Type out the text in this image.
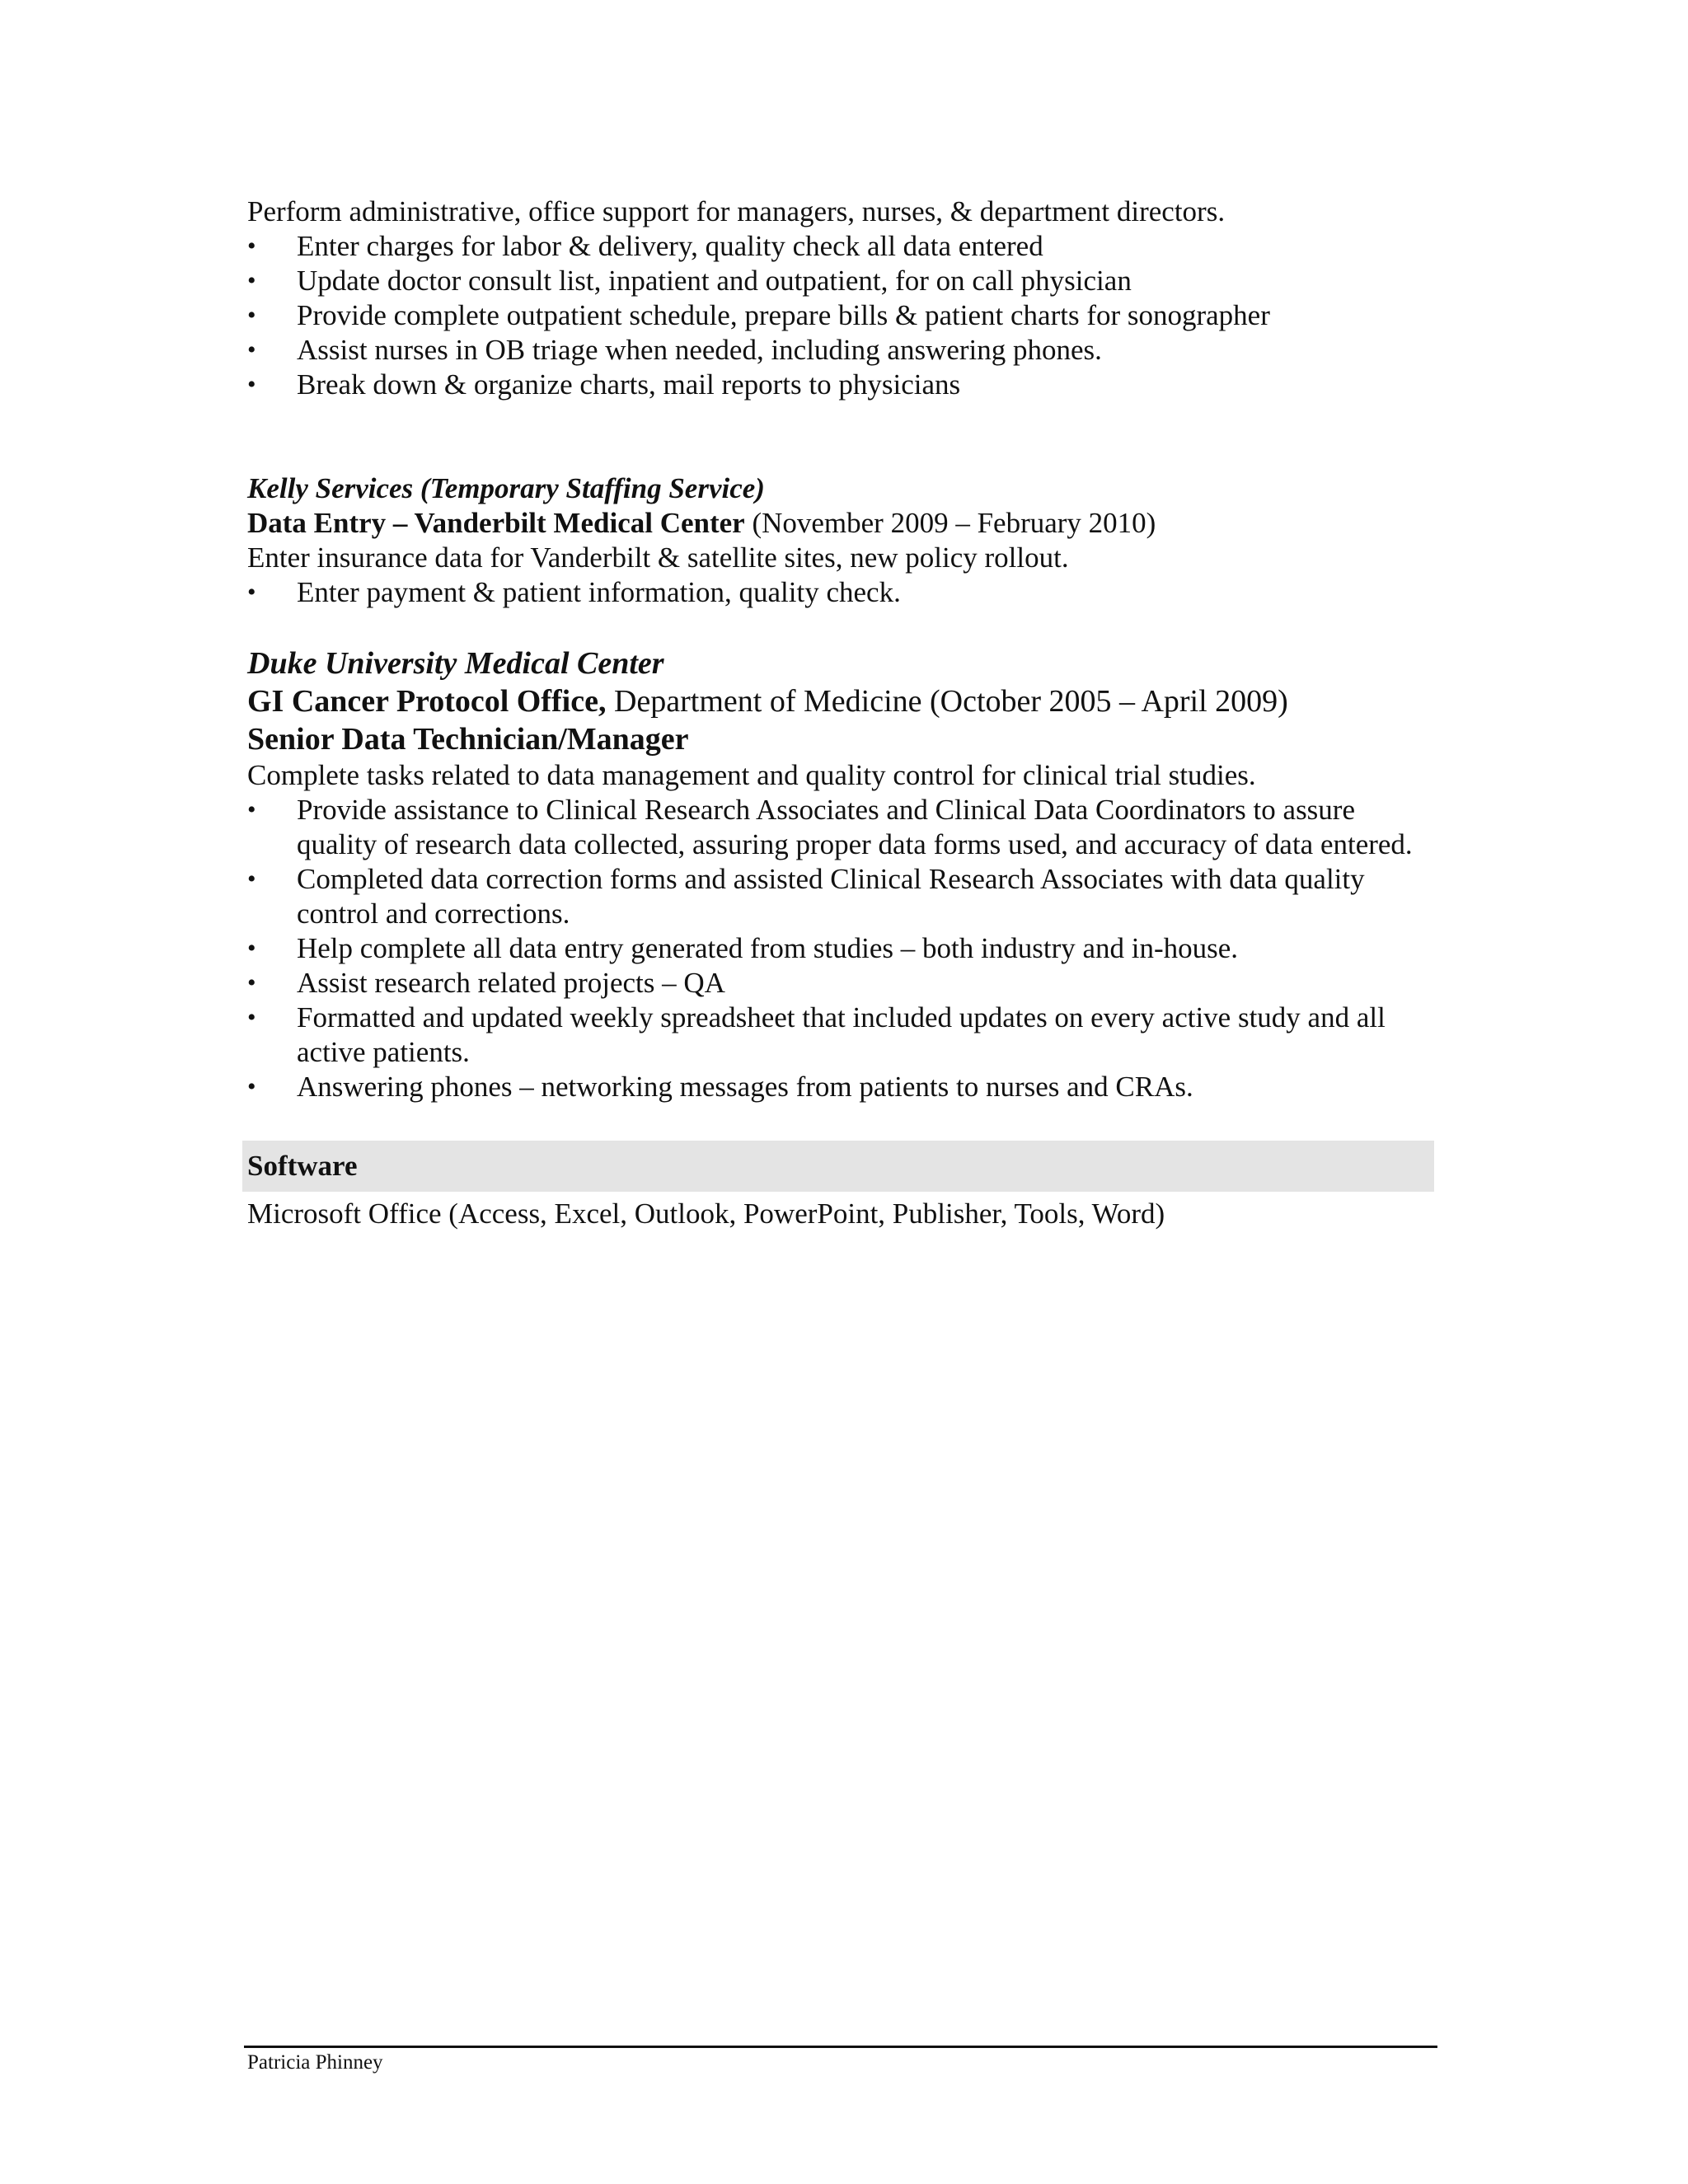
Perform administrative, office support for managers, nurses, & department directors.

• Enter charges for labor & delivery, quality check all data entered
• Update doctor consult list, inpatient and outpatient, for on call physician
• Provide complete outpatient schedule, prepare bills & patient charts for sonographer
• Assist nurses in OB triage when needed, including answering phones.
• Break down & organize charts, mail reports to physicians

Kelly Services (Temporary Staffing Service)

Data Entry – Vanderbilt Medical Center (November 2009 – February 2010)

Enter insurance data for Vanderbilt & satellite sites, new policy rollout.

• Enter payment & patient information, quality check.

Duke University Medical Center

GI Cancer Protocol Office, Department of Medicine (October 2005 – April 2009)

Senior Data Technician/Manager

Complete tasks related to data management and quality control for clinical trial studies.

• Provide assistance to Clinical Research Associates and Clinical Data Coordinators to assure quality of research data collected, assuring proper data forms used, and accuracy of data entered.
• Completed data correction forms and assisted Clinical Research Associates with data quality control and corrections.
• Help complete all data entry generated from studies – both industry and in-house.
• Assist research related projects – QA
• Formatted and updated weekly spreadsheet that included updates on every active study and all active patients.
• Answering phones – networking messages from patients to nurses and CRAs.
Software

Microsoft Office (Access, Excel, Outlook, PowerPoint, Publisher, Tools, Word)

Patricia Phinney
